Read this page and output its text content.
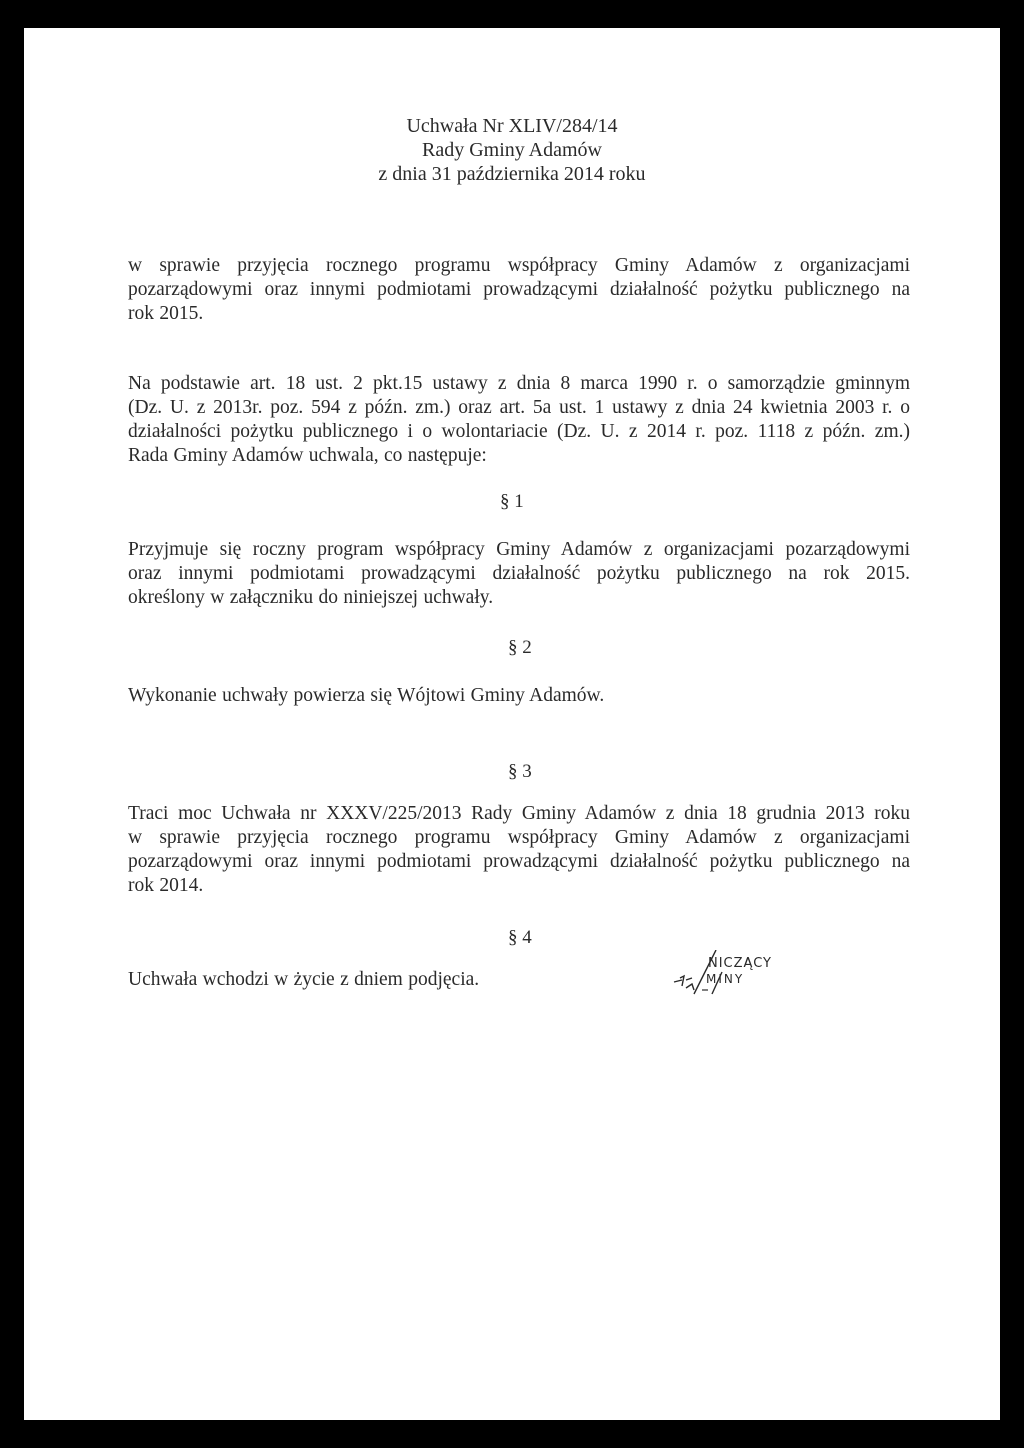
Uchwała Nr XLIV/284/14
Rady Gminy Adamów
z dnia 31 października 2014 roku
w sprawie przyjęcia rocznego programu współpracy Gminy Adamów z organizacjami
pozarządowymi oraz innymi podmiotami prowadzącymi działalność pożytku publicznego na
rok 2015.
Na podstawie art. 18 ust. 2 pkt.15 ustawy z dnia 8 marca 1990 r. o samorządzie gminnym
(Dz. U. z 2013r. poz. 594 z późn. zm.) oraz art. 5a ust. 1 ustawy z dnia 24 kwietnia 2003 r. o
działalności pożytku publicznego i o wolontariacie (Dz. U. z 2014 r. poz. 1118 z późn. zm.)
Rada Gminy Adamów uchwala, co następuje:
§ 1
Przyjmuje się roczny program współpracy Gminy Adamów z organizacjami pozarządowymi
oraz innymi podmiotami prowadzącymi działalność pożytku publicznego na rok 2015.
określony w załączniku do niniejszej uchwały.
§ 2
Wykonanie uchwały powierza się Wójtowi Gminy Adamów.
§ 3
Traci moc Uchwała nr XXXV/225/2013 Rady Gminy Adamów z dnia 18 grudnia 2013 roku
w sprawie przyjęcia rocznego programu współpracy Gminy Adamów z organizacjami
pozarządowymi oraz innymi podmiotami prowadzącymi działalność pożytku publicznego na
rok 2014.
§ 4
Uchwała wchodzi w życie z dniem podjęcia.
NICZĄCY
MINY
